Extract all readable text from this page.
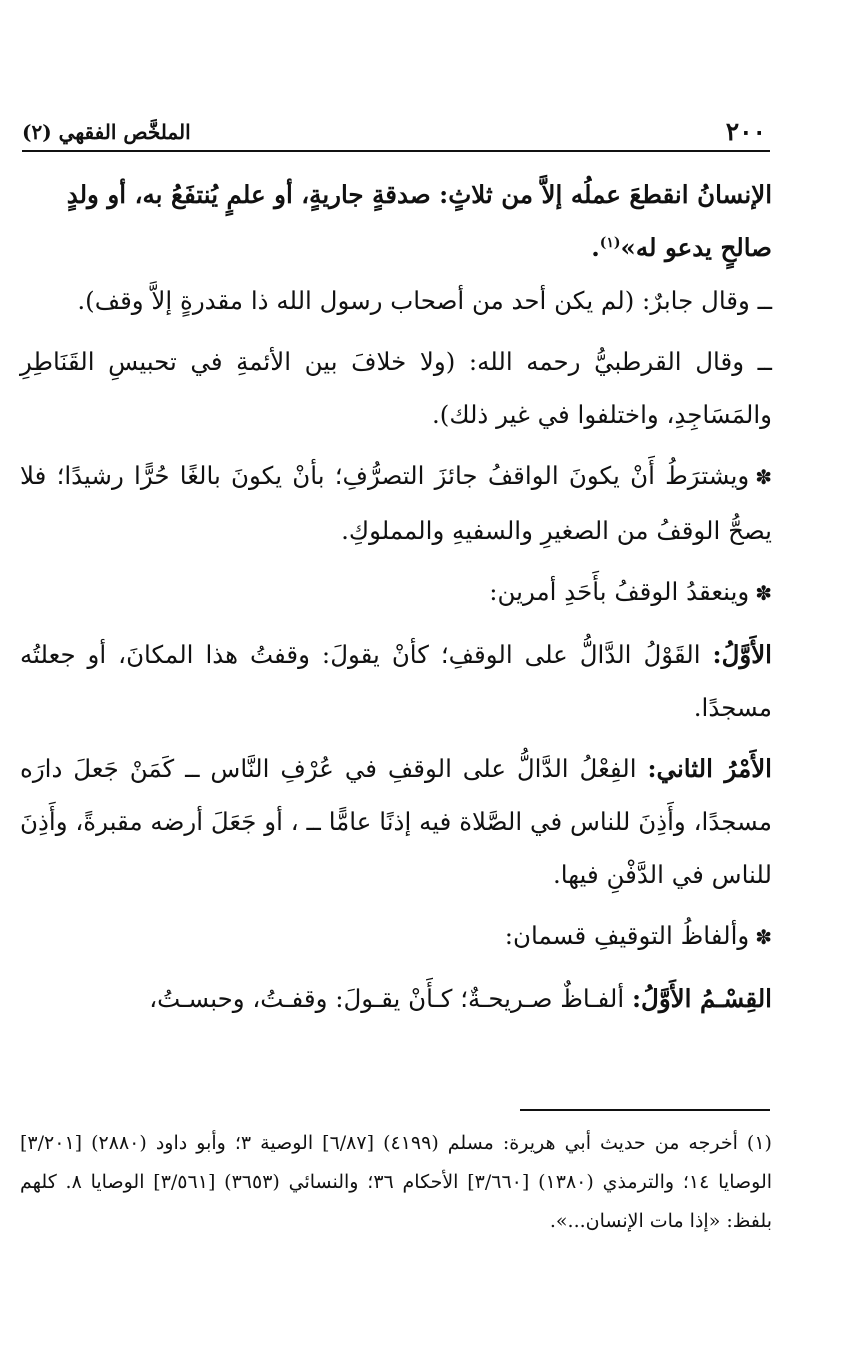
٢٠٠
الملخَّص الفقهي (٢)

الإنسانُ انقطعَ عملُه إلاَّ من ثلاثٍ: صدقةٍ جاريةٍ، أو علمٍ يُنتفَعُ به، أو ولدٍ
صالحٍ يدعو له»$^{(١)}$.

ــ وقال جابرٌ: (لم يكن أحد من أصحاب رسول الله ذا مقدرةٍ إلاَّ وقف).

ــ وقال القرطبيُّ رحمه الله: (ولا خلافَ بين الأئمةِ في تحبيسِ القَنَاطِرِ والمَسَاجِدِ، واختلفوا في غير ذلك).

✽ويشترَطُ أَنْ يكونَ الواقفُ جائزَ التصرُّفِ؛ بأنْ يكونَ بالغًا حُرًّا رشيدًا؛ فلا يصحُّ الوقفُ من الصغيرِ والسفيهِ والمملوكِ.

✽وينعقدُ الوقفُ بأَحَدِ أمرين:

الأَوَّلُ: القَوْلُ الدَّالُّ على الوقفِ؛ كأنْ يقولَ: وقفتُ هذا المكانَ، أو جعلتُه مسجدًا.

الأَمْرُ الثاني: الفِعْلُ الدَّالُّ على الوقفِ في عُرْفِ النَّاس ــ كَمَنْ جَعلَ دارَه مسجدًا، وأَذِنَ للناس في الصَّلاة فيه إذنًا عامًّا ــ ، أو جَعَلَ أرضه مقبرةً، وأَذِنَ للناس في الدَّفْنِ فيها.

✽وألفاظُ التوقيفِ قسمان:

القِسْـمُ الأَوَّلُ: ألفـاظٌ صـريحـةٌ؛ كـأَنْ يقـولَ: وقفـتُ، وحبسـتُ،

(١) أخرجه من حديث أبي هريرة: مسلم (٤١٩٩) [٦/٨٧] الوصية ٣؛ وأبو داود (٢٨٨٠) [٣/٢٠١] الوصايا ١٤؛ والترمذي (١٣٨٠) [٣/٦٦٠] الأحكام ٣٦؛ والنسائي (٣٦٥٣) [٣/٥٦١] الوصايا ٨. كلهم بلفظ: «إذا مات الإنسان...».
